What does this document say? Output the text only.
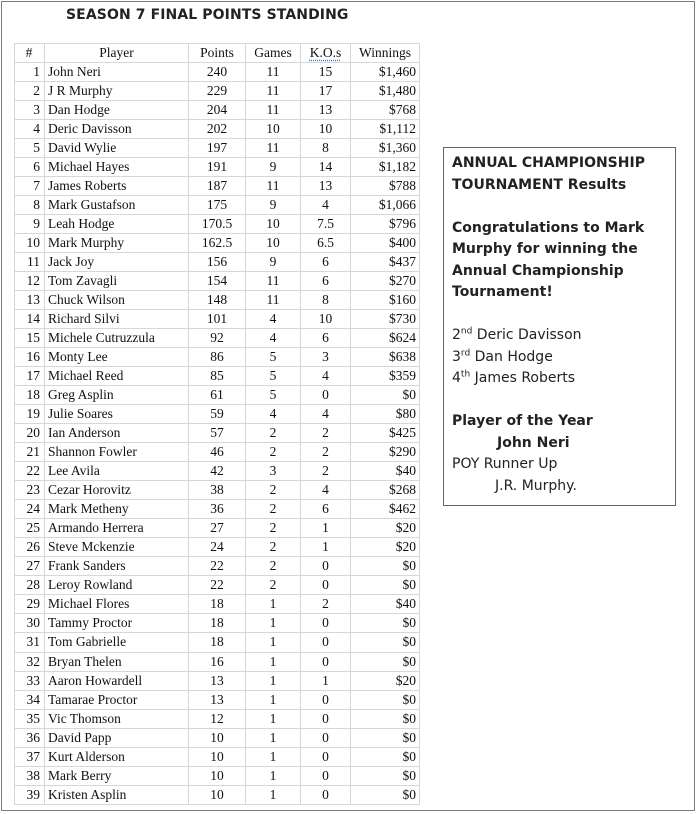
SEASON 7 FINAL POINTS STANDING
#	Player	Points	Games	K.O.s	Winnings
1	John Neri	240	11	15	$1,460
2	J R Murphy	229	11	17	$1,480
3	Dan Hodge	204	11	13	$768
4	Deric Davisson	202	10	10	$1,112
5	David Wylie	197	11	8	$1,360
6	Michael Hayes	191	9	14	$1,182
7	James Roberts	187	11	13	$788
8	Mark Gustafson	175	9	4	$1,066
9	Leah Hodge	170.5	10	7.5	$796
10	Mark Murphy	162.5	10	6.5	$400
11	Jack Joy	156	9	6	$437
12	Tom Zavagli	154	11	6	$270
13	Chuck Wilson	148	11	8	$160
14	Richard Silvi	101	4	10	$730
15	Michele Cutruzzula	92	4	6	$624
16	Monty Lee	86	5	3	$638
17	Michael Reed	85	5	4	$359
18	Greg Asplin	61	5	0	$0
19	Julie Soares	59	4	4	$80
20	Ian Anderson	57	2	2	$425
21	Shannon Fowler	46	2	2	$290
22	Lee Avila	42	3	2	$40
23	Cezar Horovitz	38	2	4	$268
24	Mark Metheny	36	2	6	$462
25	Armando Herrera	27	2	1	$20
26	Steve Mckenzie	24	2	1	$20
27	Frank Sanders	22	2	0	$0
28	Leroy Rowland	22	2	0	$0
29	Michael Flores	18	1	2	$40
30	Tammy Proctor	18	1	0	$0
31	Tom Gabrielle	18	1	0	$0
32	Bryan Thelen	16	1	0	$0
33	Aaron Howardell	13	1	1	$20
34	Tamarae Proctor	13	1	0	$0
35	Vic Thomson	12	1	0	$0
36	David Papp	10	1	0	$0
37	Kurt Alderson	10	1	0	$0
38	Mark Berry	10	1	0	$0
39	Kristen Asplin	10	1	0	$0

ANNUAL CHAMPIONSHIP

TOURNAMENT Results

Congratulations to Mark

Murphy for winning the

Annual Championship

Tournament!

2nd Deric Davisson

3rd Dan Hodge

4th James Roberts

Player of the Year

John Neri

POY Runner Up

J.R. Murphy.
